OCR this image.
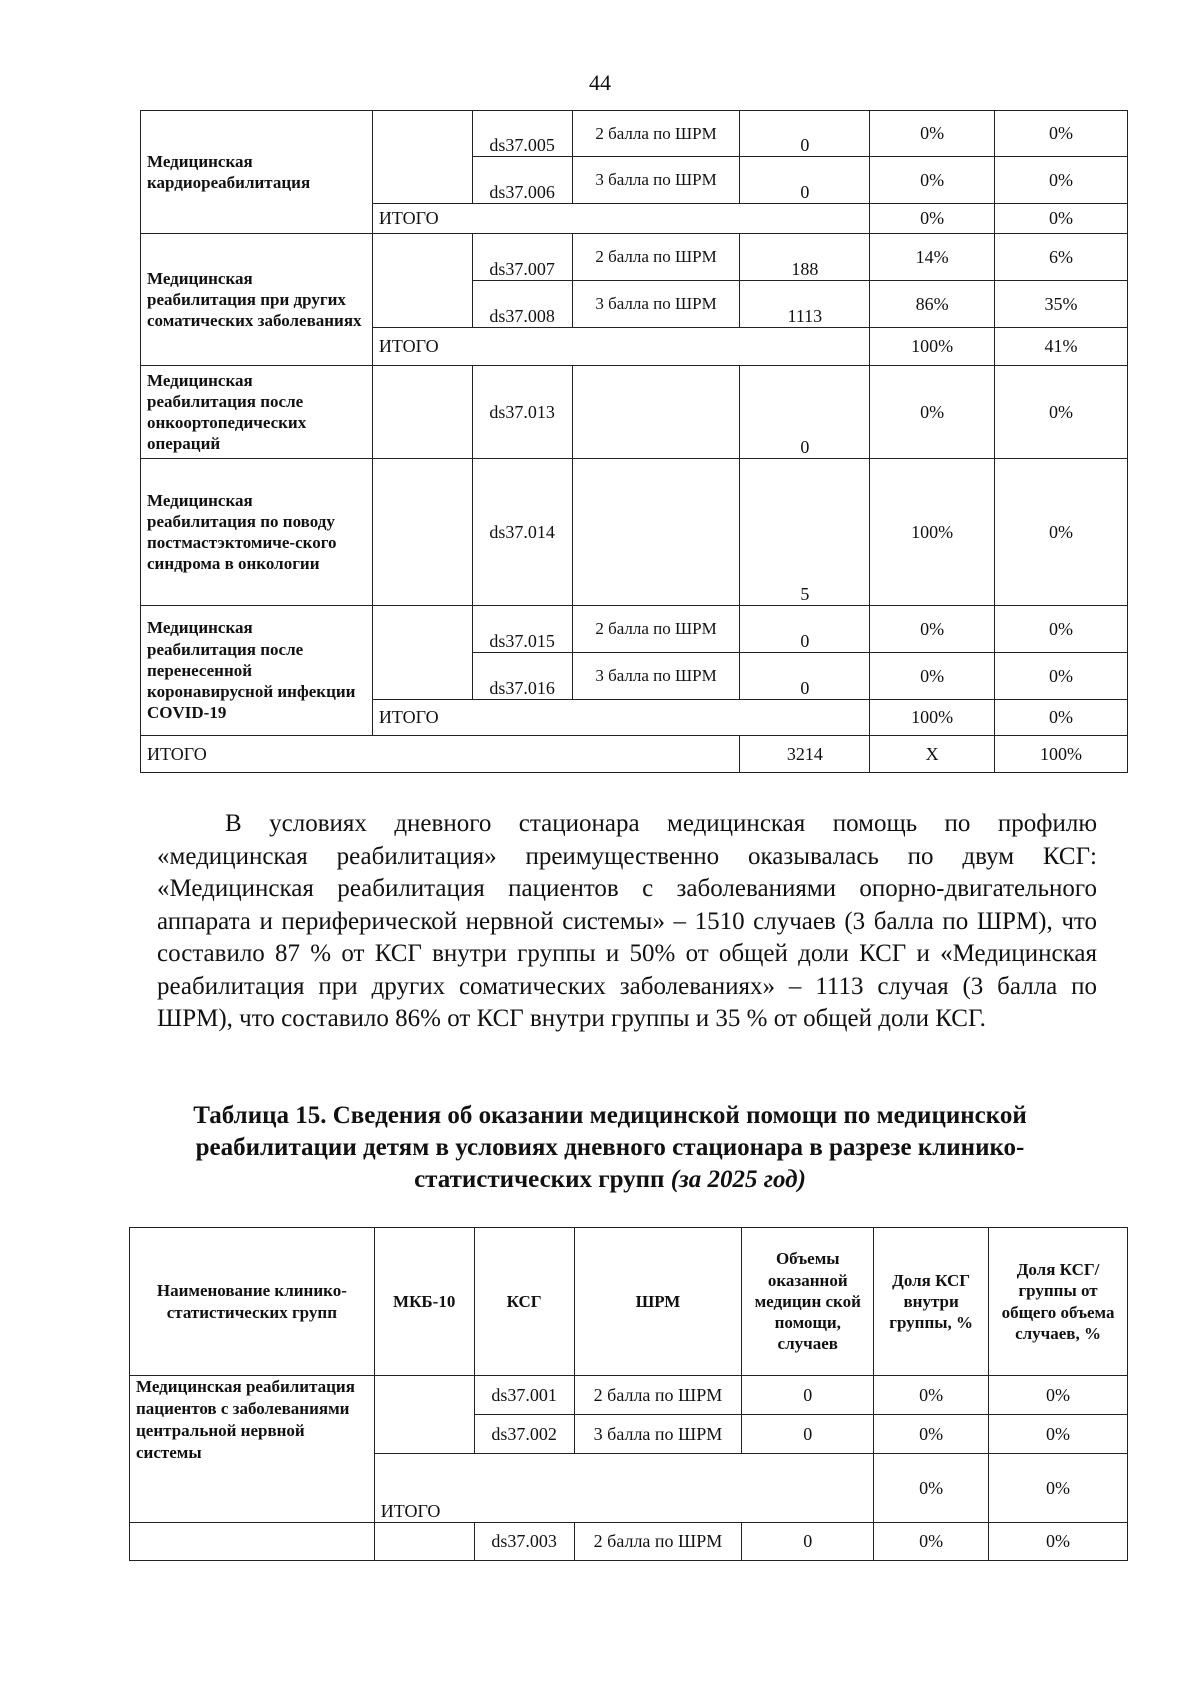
44
Медицинская кардиореабилитация		ds37.005	2 балла по ШРМ	0	0%	0%
		ds37.006	3 балла по ШРМ	0	0%	0%
	ИТОГО				0%	0%
Медицинская реабилитация при других соматических заболеваниях		ds37.007	2 балла по ШРМ	188	14%	6%
		ds37.008	3 балла по ШРМ	1113	86%	35%
	ИТОГО				100%	41%
Медицинская реабилитация после онкоортопедических операций		ds37.013		0	0%	0%
Медицинская реабилитация по поводу постмастэктомиче-ского синдрома в онкологии		ds37.014		5	100%	0%
Медицинская реабилитация после перенесенной коронавирусной инфекции COVID-19		ds37.015	2 балла по ШРМ	0	0%	0%
		ds37.016	3 балла по ШРМ	0	0%	0%
	ИТОГО				100%	0%
ИТОГО				3214	Х	100%

В условиях дневного стационара медицинская помощь по профилю «медицинская реабилитация» преимущественно оказывалась по двум КСГ: «Медицинская реабилитация пациентов с заболеваниями опорно-двигательного аппарата и периферической нервной системы» – 1510 случаев (3 балла по ШРМ), что составило 87 % от КСГ внутри группы и 50% от общей доли КСГ и «Медицинская реабилитация при других соматических заболеваниях» – 1113 случая (3 балла по ШРМ), что составило 86% от КСГ внутри группы и 35 % от общей доли КСГ.

Таблица 15. Сведения об оказании медицинской помощи по медицинской реабилитации детям в условиях дневного стационара в разрезе клинико-статистических групп (за 2025 год)

Наименование клинико-статистических групп	МКБ-10	КСГ	ШРМ	Объемы оказанной медицин ской помощи, случаев	Доля КСГ внутри группы, %	Доля КСГ/группы от общего объема случаев, %
Медицинская реабилитация пациентов с заболеваниями центральной нервной системы		ds37.001	2 балла по ШРМ	0	0%	0%
		ds37.002	3 балла по ШРМ	0	0%	0%
	ИТОГО				0%	0%
		ds37.003	2 балла по ШРМ	0	0%	0%
